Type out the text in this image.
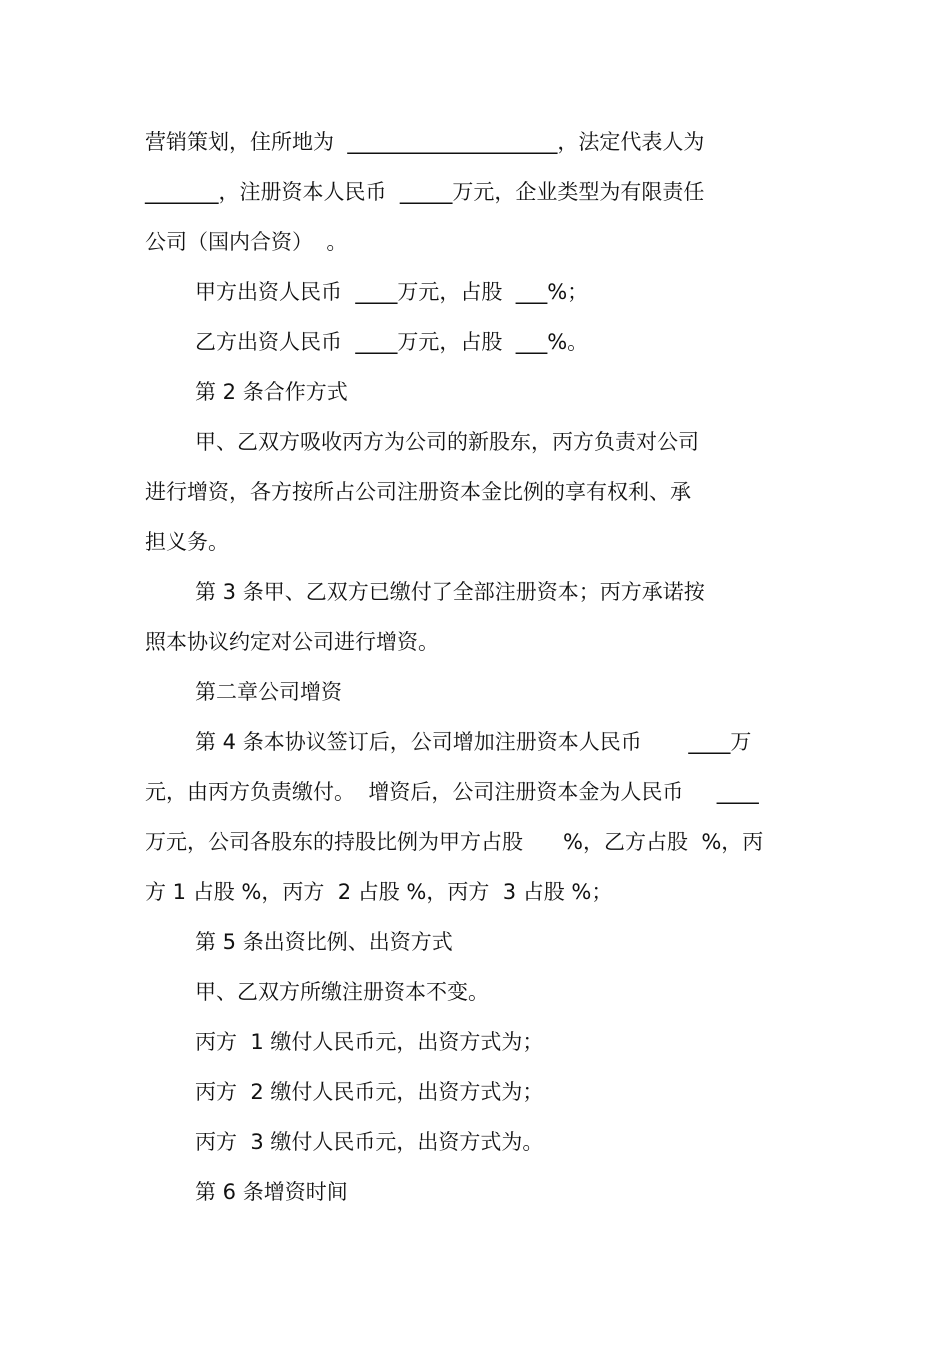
营销策划，住所地为  ____________________，法定代表人为
_______，注册资本人民币  _____万元，企业类型为有限责任
公司（国内合资）  。
甲方出资人民币  ____万元，占股  ___%；
乙方出资人民币  ____万元，占股  ___%。
第 2 条合作方式
甲、乙双方吸收丙方为公司的新股东，丙方负责对公司
进行增资，各方按所占公司注册资本金比例的享有权利、承
担义务。
第 3 条甲、乙双方已缴付了全部注册资本；丙方承诺按
照本协议约定对公司进行增资。
第二章公司增资
第 4 条本协议签订后，公司增加注册资本人民币       ____万
元，由丙方负责缴付。  增资后，公司注册资本金为人民币     ____
万元，公司各股东的持股比例为甲方占股      %，乙方占股  %，丙
方 1 占股 %，丙方  2 占股 %，丙方  3 占股 %；
第 5 条出资比例、出资方式
甲、乙双方所缴注册资本不变。
丙方  1 缴付人民币元，出资方式为；
丙方  2 缴付人民币元，出资方式为；
丙方  3 缴付人民币元，出资方式为。
第 6 条增资时间
